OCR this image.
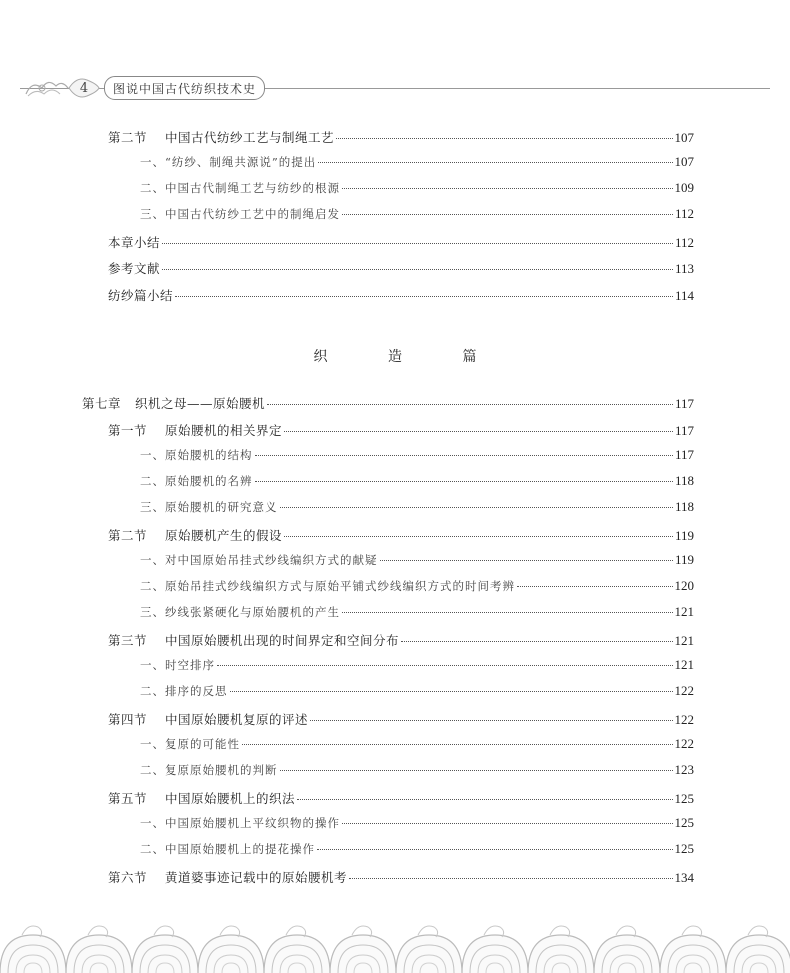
4	图说中国古代纺织技术史
第二节 中国古代纺纱工艺与制绳工艺	107
一、 “纺纱、制绳共源说”的提出	107
二、 中国古代制绳工艺与纺纱的根源	109
三、 中国古代纺纱工艺中的制绳启发	112
本章小结	112
参考文献	113
纺纱篇小结	114
织 造 篇
第七章 织机之母——原始腰机	117
第一节 原始腰机的相关界定	117
一、 原始腰机的结构	117
二、 原始腰机的名辨	118
三、 原始腰机的研究意义	118
第二节 原始腰机产生的假设	119
一、 对中国原始吊挂式纱线编织方式的献疑	119
二、 原始吊挂式纱线编织方式与原始平铺式纱线编织方式的时间考辨	120
三、 纱线张紧硬化与原始腰机的产生	121
第三节 中国原始腰机出现的时间界定和空间分布	121
一、 时空排序	121
二、 排序的反思	122
第四节 中国原始腰机复原的评述	122
一、 复原的可能性	122
二、 复原原始腰机的判断	123
第五节 中国原始腰机上的织法	125
一、 中国原始腰机上平纹织物的操作	125
二、 中国原始腰机上的提花操作	125
第六节 黄道婆事迹记载中的原始腰机考	134
